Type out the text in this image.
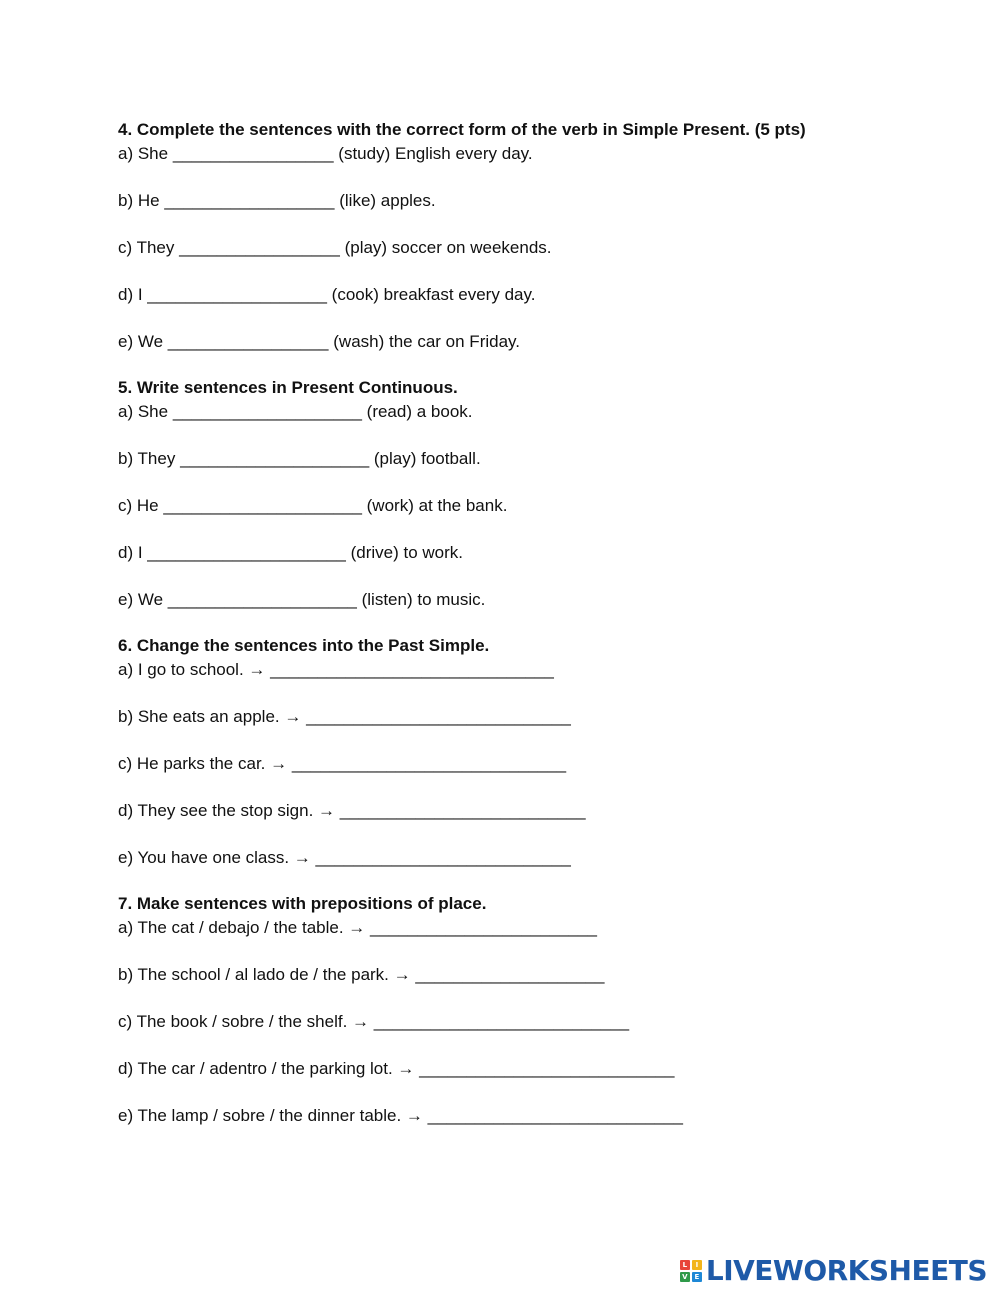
4. Complete the sentences with the correct form of the verb in Simple Present. (5 pts)

a) She _________________ (study) English every day.

b) He __________________ (like) apples.

c) They _________________ (play) soccer on weekends.

d) I ___________________ (cook) breakfast every day.

e) We _________________ (wash) the car on Friday.

5. Write sentences in Present Continuous.

a) She ____________________ (read) a book.

b) They ____________________ (play) football.

c) He _____________________ (work) at the bank.

d) I _____________________ (drive) to work.

e) We ____________________ (listen) to music.

6. Change the sentences into the Past Simple.

a) I go to school. → ______________________________

b) She eats an apple. → ____________________________

c) He parks the car. → _____________________________

d) They see the stop sign. → __________________________

e) You have one class. → ___________________________

7. Make sentences with prepositions of place.

a) The cat / debajo / the table. → ________________________

b) The school / al lado de / the park. → ____________________

c) The book / sobre / the shelf. → ___________________________

d) The car / adentro / the parking lot. → ___________________________

e) The lamp / sobre / the dinner table. → ___________________________

L	I
V E LIVEWORKSHEETS
